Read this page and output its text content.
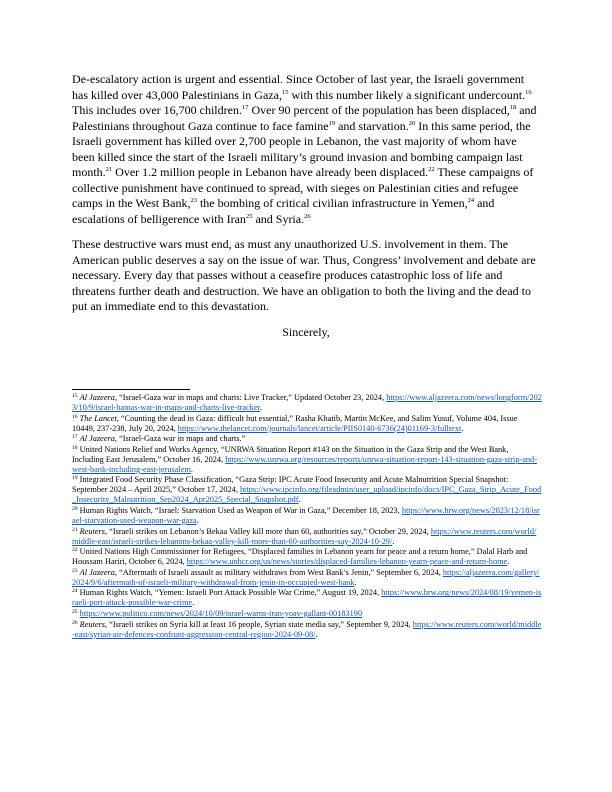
De-escalatory action is urgent and essential. Since October of last year, the Israeli government has killed over 43,000 Palestinians in Gaza,$^{15}$ with this number likely a significant undercount.$^{16}$ This includes over 16,700 children.$^{17}$ Over 90 percent of the population has been displaced,$^{18}$ and Palestinians throughout Gaza continue to face famine$^{19}$ and starvation.$^{20}$ In this same period, the Israeli government has killed over 2,700 people in Lebanon, the vast majority of whom have been killed since the start of the Israeli military’s ground invasion and bombing campaign last month.$^{21}$ Over 1.2 million people in Lebanon have already been displaced.$^{22}$ These campaigns of collective punishment have continued to spread, with sieges on Palestinian cities and refugee camps in the West Bank,$^{23}$ the bombing of critical civilian infrastructure in Yemen,$^{24}$ and escalations of belligerence with Iran$^{25}$ and Syria.$^{26}$

These destructive wars must end, as must any unauthorized U.S. involvement in them. The American public deserves a say on the issue of war. Thus, Congress’ involvement and debate are necessary. Every day that passes without a ceasefire produces catastrophic loss of life and threatens further death and destruction. We have an obligation to both the living and the dead to put an immediate end to this devastation.

Sincerely,

$^{15}$ Al Jazeera, “Israel-Gaza war in maps and charts: Live Tracker,” Updated October 23, 2024, https://www.aljazeera.com/news/longform/2023/10/9/israel-hamas-war-in-maps-and-charts-live-tracker.
$^{16}$ The Lancet, “Counting the dead in Gaza: difficult but essential,” Rasha Khatib, Martin McKee, and Salim Yusuf, Volume 404, Issue 10449, 237-238, July 20, 2024, https://www.thelancet.com/journals/lancet/article/PIIS0140-6736(24)01169-3/fulltext.
$^{17}$ Al Jazeera, “Israel-Gaza war in maps and charts.”
$^{18}$ United Nations Relief and Works Agency, “UNRWA Situation Report #143 on the Situation in the Gaza Strip and the West Bank, Including East Jerusalem,” October 16, 2024, https://www.unrwa.org/resources/reports/unrwa-situation-report-143-situation-gaza-strip-and-west-bank-including-east-jerusalem.
$^{19}$ Integrated Food Security Phase Classification, “Gaza Strip: IPC Acute Food Insecurity and Acute Malnutrition Special Snapshot: September 2024 – April 2025,” October 17, 2024, https://www.ipcinfo.org/fileadmin/user_upload/ipcinfo/docs/IPC_Gaza_Strip_Acute_Food_Insecurity_Malnutrition_Sep2024_Apr2025_Special_Snapshot.pdf.
$^{20}$ Human Rights Watch, “Israel: Starvation Used as Weapon of War in Gaza,” December 18, 2023, https://www.hrw.org/news/2023/12/18/israel-starvation-used-weapon-war-gaza.
$^{21}$ Reuters, “Israeli strikes on Lebanon’s Bekaa Valley kill more than 60, authorities say,” October 29, 2024, https://www.reuters.com/world/middle-east/israeli-strikes-lebanons-bekaa-valley-kill-more-than-60-authorities-say-2024-10-29/.
$^{22}$ United Nations High Commissioner for Refugees, “Displaced families in Lebanon yearn for peace and a return home,” Dalal Harb and Houssam Hariri, October 6, 2024, https://www.unhcr.org/us/news/stories/displaced-families-lebanon-yearn-peace-and-return-home.
$^{23}$ Al Jazeera, “Aftermath of Israeli assault as military withdraws from West Bank’s Jenin,” September 6, 2024, https://aljazeera.com/gallery/2024/9/6/aftermath-of-israeli-military-withdrawal-from-jenin-in-occupied-west-bank.
$^{24}$ Human Rights Watch, “Yemen: Israeli Port Attack Possible War Crime,” August 19, 2024, https://www.hrw.org/news/2024/08/19/yemen-israeli-port-attack-possible-war-crime.
$^{25}$ https://www.politico.com/news/2024/10/09/israel-warns-iran-yoav-gallant-00183190
$^{26}$ Reuters, “Israeli strikes on Syria kill at least 16 people, Syrian state media say,” September 9, 2024, https://www.reuters.com/world/middle-east/syrian-air-defences-confront-aggression-central-region-2024-09-08/.
